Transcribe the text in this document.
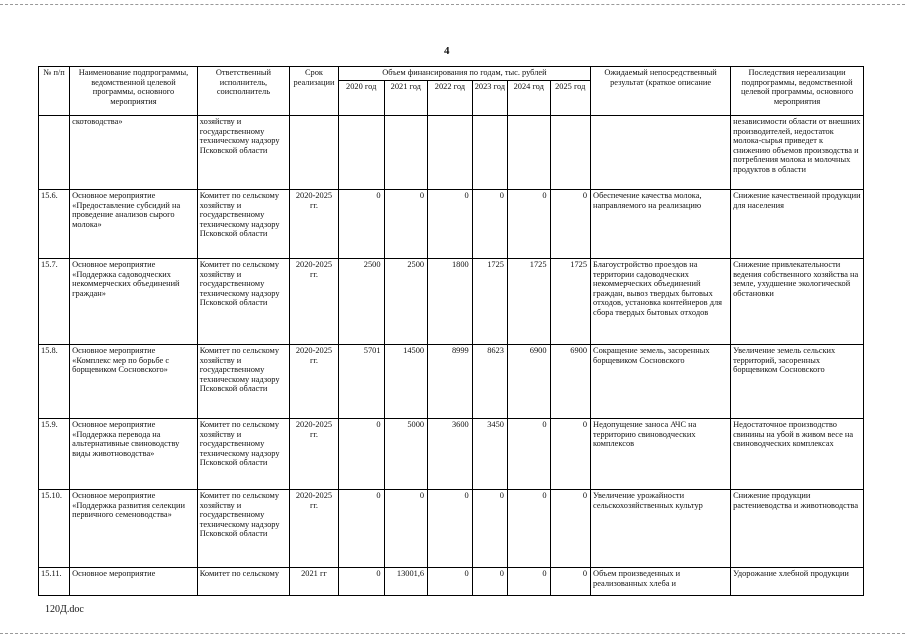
4
№ п/п	Наименование подпрограммы, ведомственной целевой программы, основного мероприятия	Ответственный исполнитель, соисполнитель	Срок реализации	Объем финансирования по годам, тыс. рублей						Ожидаемый непосредственный результат (краткое описание	Последствия нереализации подпрограммы, ведомственной целевой программы, основного мероприятия
				2020 год	2021 год	2022 год	2023 год	2024 год	2025 год		
	скотоводства»	хозяйству и государственному техническому надзору Псковской области									независимости области от внешних производителей, недостаток молока-сырья приведет к снижению объемов производства и потребления молока и молочных продуктов в области
15.6.	Основное мероприятие «Предоставление субсидий на проведение анализов сырого молока»	Комитет по сельскому хозяйству и государственному техническому надзору Псковской области	2020-2025 гг.	0	0	0	0	0	0	Обеспечение качества молока, направляемого на реализацию	Снижение качественной продукции для населения
15.7.	Основное мероприятие «Поддержка садоводческих некоммерческих объединений граждан»	Комитет по сельскому хозяйству и государственному техническому надзору Псковской области	2020-2025 гг.	2500	2500	1800	1725	1725	1725	Благоустройство проездов на территории садоводческих некоммерческих объединений граждан, вывоз твердых бытовых отходов, установка контейнеров для сбора твердых бытовых отходов	Снижение привлекательности ведения собственного хозяйства на земле, ухудшение экологической обстановки
15.8.	Основное мероприятие «Комплекс мер по борьбе с борщевиком Сосновского»	Комитет по сельскому хозяйству и государственному техническому надзору Псковской области	2020-2025 гг.	5701	14500	8999	8623	6900	6900	Сокращение земель, засоренных борщевиком Сосновского	Увеличение земель сельских территорий, засоренных борщевиком Сосновского
15.9.	Основное мероприятие «Поддержка перевода на альтернативные свиноводству виды животноводства»	Комитет по сельскому хозяйству и государственному техническому надзору Псковской области	2020-2025 гг.	0	5000	3600	3450	0	0	Недопущение заноса АЧС на территорию свиноводческих комплексов	Недостаточное производство свинины на убой в живом весе на свиноводческих комплексах
15.10.	Основное мероприятие «Поддержка развития селекции первичного семеноводства»	Комитет по сельскому хозяйству и государственному техническому надзору Псковской области	2020-2025 гг.	0	0	0	0	0	0	Увеличение урожайности сельскохозяйственных культур	Снижение продукции растениеводства и животноводства
15.11.	Основное мероприятие	Комитет по сельскому	2021 гг	0	13001,6	0	0	0	0	Объем произведенных и реализованных хлеба и	Удорожание хлебной продукции
120Д.doc
